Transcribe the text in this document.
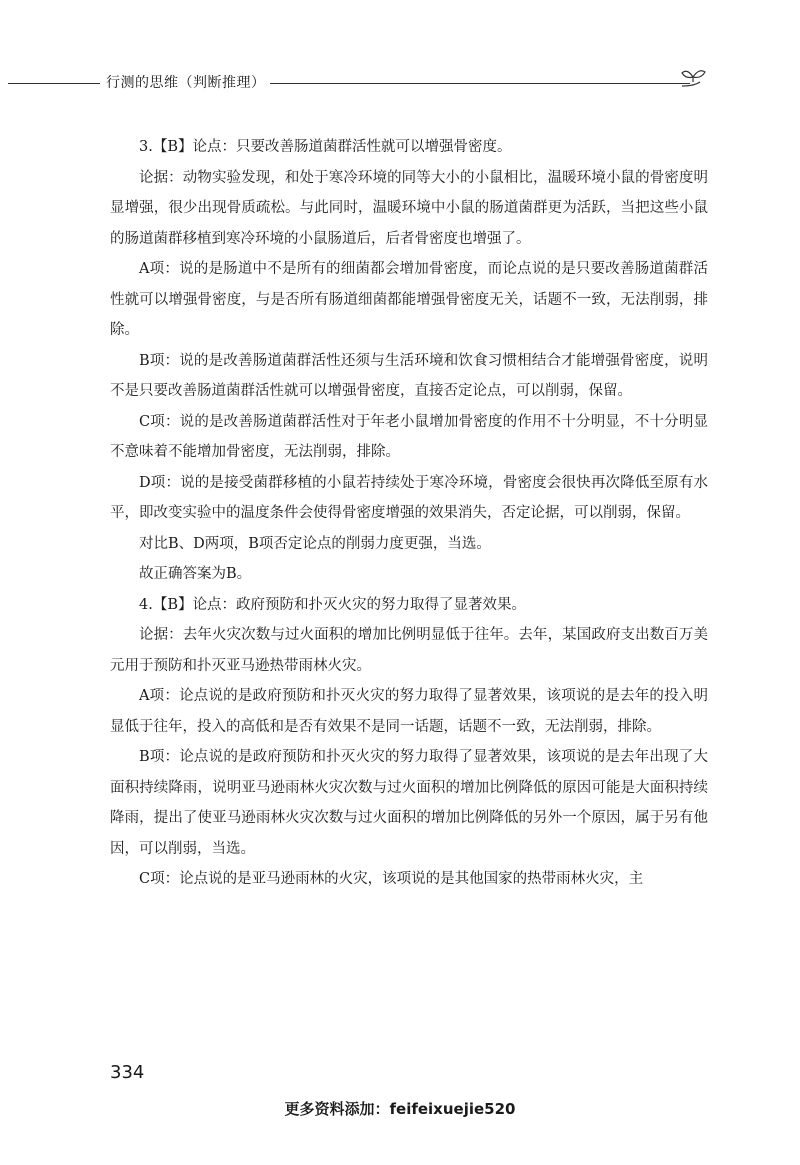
行测的思维（判断推理）

3.【B】论点：只要改善肠道菌群活性就可以增强骨密度。

论据：动物实验发现，和处于寒冷环境的同等大小的小鼠相比，温暖环境小鼠的骨密度明显增强，很少出现骨质疏松。与此同时，温暖环境中小鼠的肠道菌群更为活跃，当把这些小鼠的肠道菌群移植到寒冷环境的小鼠肠道后，后者骨密度也增强了。

A项：说的是肠道中不是所有的细菌都会增加骨密度，而论点说的是只要改善肠道菌群活性就可以增强骨密度，与是否所有肠道细菌都能增强骨密度无关，话题不一致，无法削弱，排除。

B项：说的是改善肠道菌群活性还须与生活环境和饮食习惯相结合才能增强骨密度，说明不是只要改善肠道菌群活性就可以增强骨密度，直接否定论点，可以削弱，保留。

C项：说的是改善肠道菌群活性对于年老小鼠增加骨密度的作用不十分明显，不十分明显不意味着不能增加骨密度，无法削弱，排除。

D项：说的是接受菌群移植的小鼠若持续处于寒冷环境，骨密度会很快再次降低至原有水平，即改变实验中的温度条件会使得骨密度增强的效果消失，否定论据，可以削弱，保留。

对比B、D两项，B项否定论点的削弱力度更强，当选。

故正确答案为B。

4.【B】论点：政府预防和扑灭火灾的努力取得了显著效果。

论据：去年火灾次数与过火面积的增加比例明显低于往年。去年，某国政府支出数百万美元用于预防和扑灭亚马逊热带雨林火灾。

A项：论点说的是政府预防和扑灭火灾的努力取得了显著效果，该项说的是去年的投入明显低于往年，投入的高低和是否有效果不是同一话题，话题不一致，无法削弱，排除。

B项：论点说的是政府预防和扑灭火灾的努力取得了显著效果，该项说的是去年出现了大面积持续降雨，说明亚马逊雨林火灾次数与过火面积的增加比例降低的原因可能是大面积持续降雨，提出了使亚马逊雨林火灾次数与过火面积的增加比例降低的另外一个原因，属于另有他因，可以削弱，当选。

C项：论点说的是亚马逊雨林的火灾，该项说的是其他国家的热带雨林火灾，主

334
更多资料添加：feifeixuejie520
